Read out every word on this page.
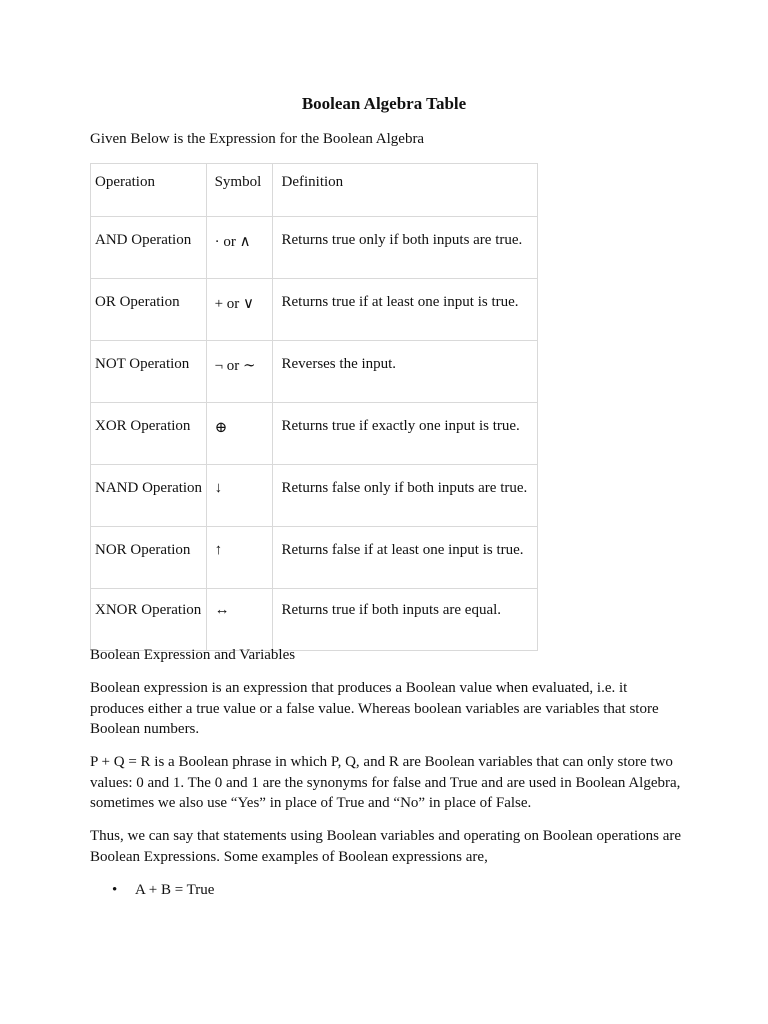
Boolean Algebra Table

Given Below is the Expression for the Boolean Algebra

Operation	Symbol	Definition

AND Operation	· or ∧	Returns true only if both inputs are true.

OR Operation	+ or ∨	Returns true if at least one input is true.

NOT Operation	¬ or ∼	Reverses the input.

XOR Operation	⊕	Returns true if exactly one input is true.

NAND Operation	↓	Returns false only if both inputs are true.

NOR Operation	↑	Returns false if at least one input is true.

XNOR Operation	↔	Returns true if both inputs are equal.

Boolean Expression and Variables

Boolean expression is an expression that produces a Boolean value when evaluated, i.e. it produces either a true value or a false value. Whereas boolean variables are variables that store Boolean numbers.

P + Q = R is a Boolean phrase in which P, Q, and R are Boolean variables that can only store two values: 0 and 1. The 0 and 1 are the synonyms for false and True and are used in Boolean Algebra, sometimes we also use “Yes” in place of True and “No” in place of False.

Thus, we can say that statements using Boolean variables and operating on Boolean operations are Boolean Expressions. Some examples of Boolean expressions are,

• A + B = True
